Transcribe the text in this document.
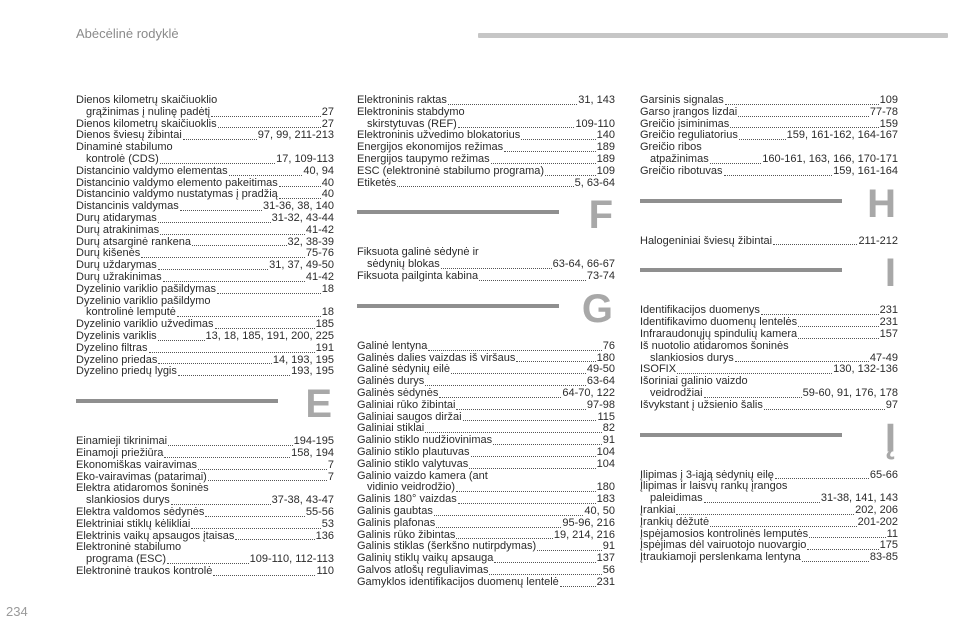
Abėcėlinė rodyklė
Dienos kilometrų skaičiuoklio
grąžinimas į nulinę padėtį	27
Dienos kilometrų skaičiuoklis	27
Dienos šviesų žibintai	97, 99, 211-213
Dinaminė stabilumo
kontrolė (CDS)	17, 109-113
Distancinio valdymo elementas	40, 94
Distancinio valdymo elemento pakeitimas	40
Distancinio valdymo nustatymas į pradžią	40
Distancinis valdymas	31-36, 38, 140
Durų atidarymas	31-32, 43-44
Durų atrakinimas	41-42
Durų atsarginė rankena	32, 38-39
Durų kišenės	75-76
Durų uždarymas	31, 37, 49-50
Durų užrakinimas	41-42
Dyzelinio variklio pašildymas	18
Dyzelinio variklio pašildymo
kontrolinė lemputė	18
Dyzelinio variklio užvedimas	185
Dyzelinis variklis	13, 18, 185, 191, 200, 225
Dyzelino filtras	191
Dyzelino priedas	14, 193, 195
Dyzelino priedų lygis	193, 195
E
Einamieji tikrinimai	194-195
Einamoji priežiūra	158, 194
Ekonomiškas vairavimas	7
Eko-vairavimas (patarimai)	7
Elektra atidaromos šoninės
slankiosios durys	37-38, 43-47
Elektra valdomos sėdynės	55-56
Elektriniai stiklų kėlikliai	53
Elektrinis vaikų apsaugos įtaisas	136
Elektroninė stabilumo
programa (ESC)	109-110, 112-113
Elektroninė traukos kontrolė	110
Elektroninis raktas	31, 143
Elektroninis stabdymo
skirstytuvas (REF)	109-110
Elektroninis užvedimo blokatorius	140
Energijos ekonomijos režimas	189
Energijos taupymo režimas	189
ESC (elektroninė stabilumo programa)	109
Etiketės	5, 63-64
F
Fiksuota galinė sėdynė ir
sėdynių blokas	63-64, 66-67
Fiksuota pailginta kabina	73-74
G
Galinė lentyna	76
Galinės dalies vaizdas iš viršaus	180
Galinė sėdynių eilė	49-50
Galinės durys	63-64
Galinės sėdynės	64-70, 122
Galiniai rūko žibintai	97-98
Galiniai saugos diržai	115
Galiniai stiklai	82
Galinio stiklo nudžiovinimas	91
Galinio stiklo plautuvas	104
Galinio stiklo valytuvas	104
Galinio vaizdo kamera (ant
vidinio veidrodžio)	180
Galinis 180° vaizdas	183
Galinis gaubtas	40, 50
Galinis plafonas	95-96, 216
Galinis rūko žibintas	19, 214, 216
Galinis stiklas (šerkšno nutirpdymas)	91
Galinių stiklų vaikų apsauga	137
Galvos atlošų reguliavimas	56
Gamyklos identifikacijos duomenų lentelė	231
Garsinis signalas	109
Garso įrangos lizdai	77-78
Greičio įsiminimas	159
Greičio reguliatorius	159, 161-162, 164-167
Greičio ribos
atpažinimas	160-161, 163, 166, 170-171
Greičio ribotuvas	159, 161-164
H
Halogeniniai šviesų žibintai	211-212
I
Identifikacijos duomenys	231
Identifikavimo duomenų lentelės	231
Infraraudonųjų spindulių kamera	157
Iš nuotolio atidaromos šoninės
slankiosios durys	47-49
ISOFIX	130, 132-136
Išoriniai galinio vaizdo
veidrodžiai	59-60, 91, 176, 178
Išvykstant į užsienio šalis	97
Į
Įlipimas į 3-iąją sėdynių eilę	65-66
Įlipimas ir laisvų rankų įrangos
paleidimas	31-38, 141, 143
Įrankiai	202, 206
Įrankių dėžutė	201-202
Įspėjamosios kontrolinės lemputės	11
Įspėjimas dėl vairuotojo nuovargio	175
Įtraukiamoji perslenkama lentyna	83-85
234
